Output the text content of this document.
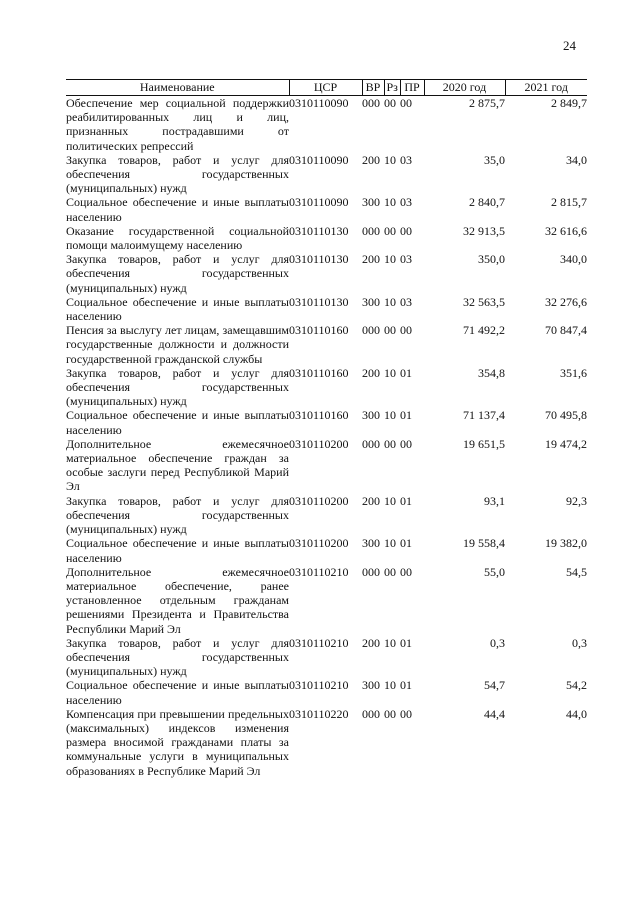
24
Наименование	ЦСР	ВР	Рз	ПР	2020 год	2021 год
Обеспечение мер социальной поддержки реабилитированных лиц и лиц, признанных пострадавшими от политических репрессий	0310110090	000	00	00	2 875,7	2 849,7
Закупка товаров, работ и услуг для обеспечения государственных (муниципальных) нужд	0310110090	200	10	03	35,0	34,0
Социальное обеспечение и иные выплаты населению	0310110090	300	10	03	2 840,7	2 815,7
Оказание государственной социальной помощи малоимущему населению	0310110130	000	00	00	32 913,5	32 616,6
Закупка товаров, работ и услуг для обеспечения государственных (муниципальных) нужд	0310110130	200	10	03	350,0	340,0
Социальное обеспечение и иные выплаты населению	0310110130	300	10	03	32 563,5	32 276,6
Пенсия за выслугу лет лицам, замещавшим государственные должности и должности государственной гражданской службы	0310110160	000	00	00	71 492,2	70 847,4
Закупка товаров, работ и услуг для обеспечения государственных (муниципальных) нужд	0310110160	200	10	01	354,8	351,6
Социальное обеспечение и иные выплаты населению	0310110160	300	10	01	71 137,4	70 495,8
Дополнительное ежемесячное материальное обеспечение граждан за особые заслуги перед Республикой Марий Эл	0310110200	000	00	00	19 651,5	19 474,2
Закупка товаров, работ и услуг для обеспечения государственных (муниципальных) нужд	0310110200	200	10	01	93,1	92,3
Социальное обеспечение и иные выплаты населению	0310110200	300	10	01	19 558,4	19 382,0
Дополнительное ежемесячное материальное обеспечение, ранее установленное отдельным гражданам решениями Президента и Правительства Республики Марий Эл	0310110210	000	00	00	55,0	54,5
Закупка товаров, работ и услуг для обеспечения государственных (муниципальных) нужд	0310110210	200	10	01	0,3	0,3
Социальное обеспечение и иные выплаты населению	0310110210	300	10	01	54,7	54,2
Компенсация при превышении предельных (максимальных) индексов изменения размера вносимой гражданами платы за коммунальные услуги в муниципальных образованиях в Республике Марий Эл	0310110220	000	00	00	44,4	44,0
